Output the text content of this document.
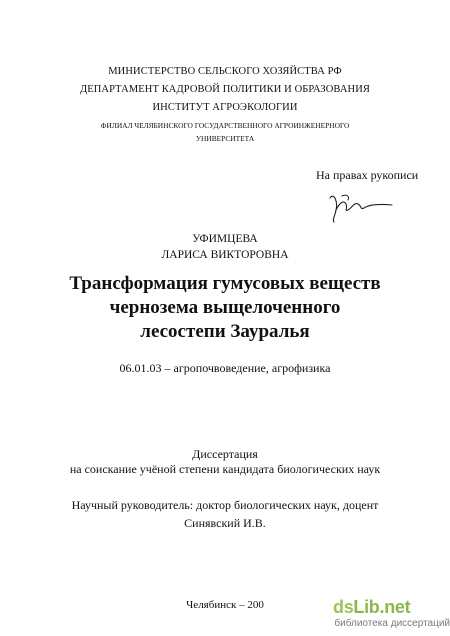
МИНИСТЕРСТВО СЕЛЬСКОГО ХОЗЯЙСТВА РФ
ДЕПАРТАМЕНТ КАДРОВОЙ ПОЛИТИКИ И ОБРАЗОВАНИЯ
ИНСТИТУТ АГРОЭКОЛОГИИ
ФИЛИАЛ ЧЕЛЯБИНСКОГО ГОСУДАРСТВЕННОГО АГРОИНЖЕНЕРНОГО
УНИВЕРСИТЕТА
На правах рукописи
УФИМЦЕВА
ЛАРИСА ВИКТОРОВНА
Трансформация гумусовых веществ
чернозема выщелоченного
лесостепи Зауралья
06.01.03 – агропочвоведение, агрофизика
Диссертация
на соискание учёной степени кандидата биологических наук
Научный руководитель: доктор биологических наук, доцент
Синявский И.В.
Челябинск – 200	dsLib.net
библиотека диссертаций
